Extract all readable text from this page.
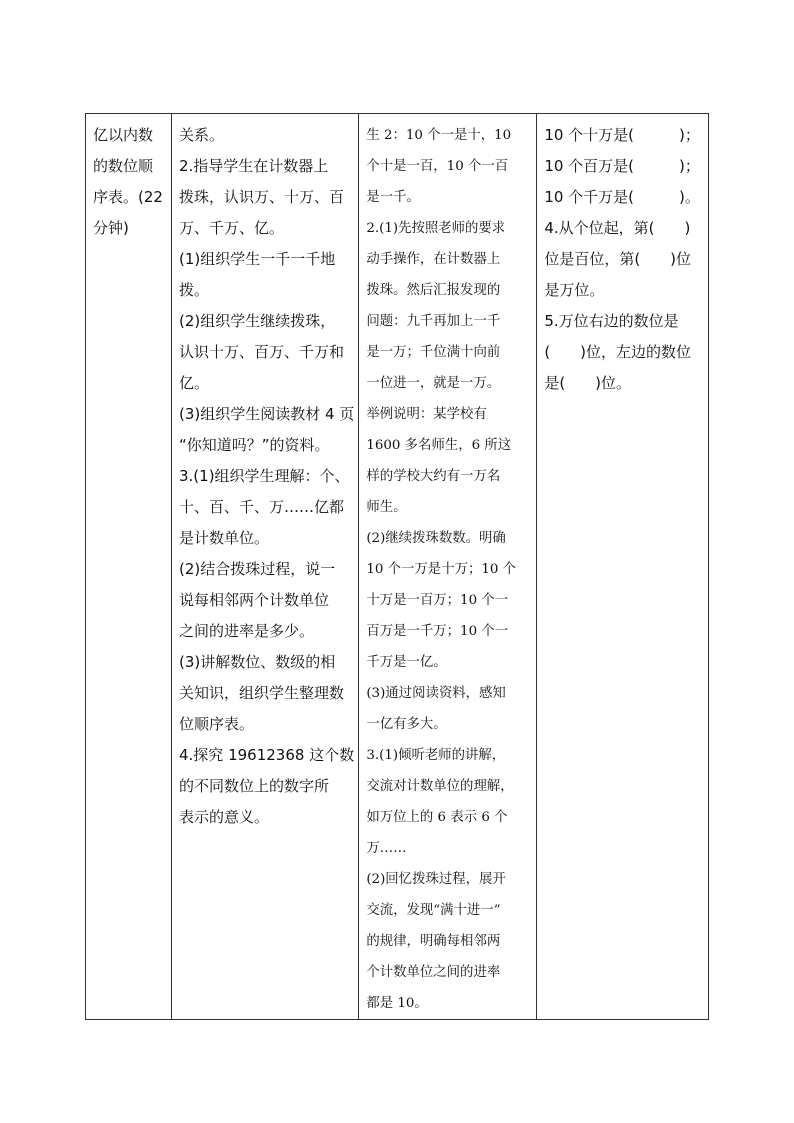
亿以内数
的数位顺
序表。(22
分钟)

关系。
2.指导学生在计数器上
拨珠，认识万、十万、百
万、千万、亿。
(1)组织学生一千一千地
拨。
(2)组织学生继续拨珠，
认识十万、百万、千万和
亿。
(3)组织学生阅读教材 4 页
“你知道吗？”的资料。
3.(1)组织学生理解：个、
十、百、千、万……亿都
是计数单位。
(2)结合拨珠过程，说一
说每相邻两个计数单位
之间的进率是多少。
(3)讲解数位、数级的相
关知识，组织学生整理数
位顺序表。
4.探究 19612368 这个数
的不同数位上的数字所
表示的意义。

生 2：10 个一是十，10
个十是一百，10 个一百
是一千。
2.(1)先按照老师的要求
动手操作，在计数器上
拨珠。然后汇报发现的
问题：九千再加上一千
是一万；千位满十向前
一位进一，就是一万。
举例说明：某学校有
1600 多名师生，6 所这
样的学校大约有一万名
师生。
(2)继续拨珠数数。明确
10 个一万是十万；10 个
十万是一百万；10 个一
百万是一千万；10 个一
千万是一亿。
(3)通过阅读资料，感知
一亿有多大。
3.(1)倾听老师的讲解，
交流对计数单位的理解，
如万位上的 6 表示 6 个
万……
(2)回忆拨珠过程，展开
交流，发现“满十进一”
的规律，明确每相邻两
个计数单位之间的进率
都是 10。

10 个十万是(　　　)；
10 个百万是(　　　)；
10 个千万是(　　　)。
4.从个位起，第(　　)
位是百位，第(　　)位
是万位。
5.万位右边的数位是
(　　)位，左边的数位
是(　　)位。
